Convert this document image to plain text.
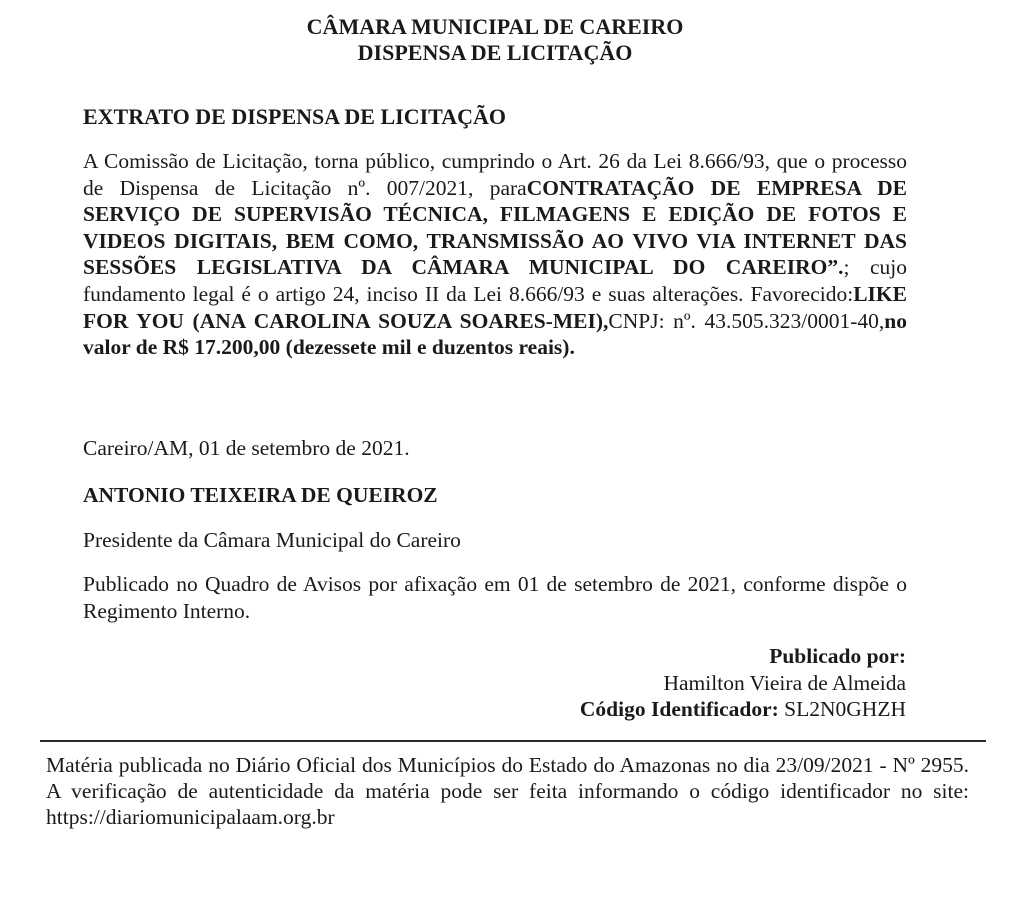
CÂMARA MUNICIPAL DE CAREIRO
DISPENSA DE LICITAÇÃO
EXTRATO DE DISPENSA DE LICITAÇÃO
A Comissão de Licitação, torna público, cumprindo o Art. 26 da Lei 8.666/93, que o processo de Dispensa de Licitação nº. 007/2021, paraCONTRATAÇÃO DE EMPRESA DE SERVIÇO DE SUPERVISÃO TÉCNICA, FILMAGENS E EDIÇÃO DE FOTOS E VIDEOS DIGITAIS, BEM COMO, TRANSMISSÃO AO VIVO VIA INTERNET DAS SESSÕES LEGISLATIVA DA CÂMARA MUNICIPAL DO CAREIRO”.; cujo fundamento legal é o artigo 24, inciso II da Lei 8.666/93 e suas alterações. Favorecido:LIKE FOR YOU (ANA CAROLINA SOUZA SOARES-MEI),CNPJ: nº. 43.505.323/0001-40,no valor de R$ 17.200,00 (dezessete mil e duzentos reais).
Careiro/AM, 01 de setembro de 2021.
ANTONIO TEIXEIRA DE QUEIROZ
Presidente da Câmara Municipal do Careiro
Publicado no Quadro de Avisos por afixação em 01 de setembro de 2021, conforme dispõe o Regimento Interno.
Publicado por:
Hamilton Vieira de Almeida
Código Identificador: SL2N0GHZH
Matéria publicada no Diário Oficial dos Municípios do Estado do Amazonas no dia 23/09/2021 - Nº 2955. A verificação de autenticidade da matéria pode ser feita informando o código identificador no site: https://diariomunicipalaam.org.br
